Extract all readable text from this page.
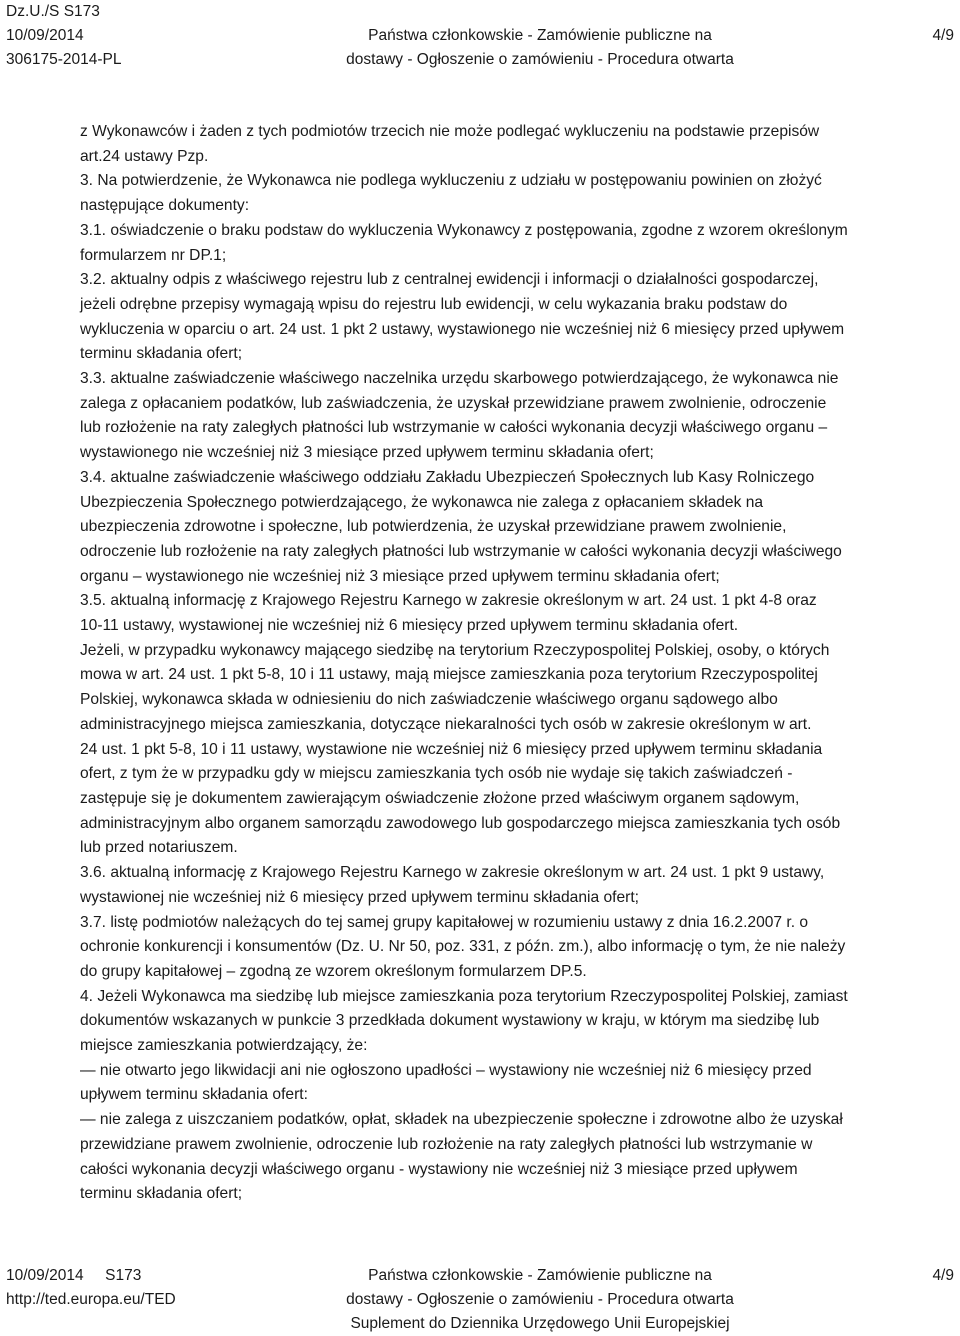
Dz.U./S S173
10/09/2014
306175-2014-PL
Państwa członkowskie - Zamówienie publiczne na
dostawy - Ogłoszenie o zamówieniu - Procedura otwarta
4/9

z Wykonawców i żaden z tych podmiotów trzecich nie może podlegać wykluczeniu na podstawie przepisów

art.24 ustawy Pzp.

3. Na potwierdzenie, że Wykonawca nie podlega wykluczeniu z udziału w postępowaniu powinien on złożyć

następujące dokumenty:

3.1. oświadczenie o braku podstaw do wykluczenia Wykonawcy z postępowania, zgodne z wzorem określonym

formularzem nr DP.1;

3.2. aktualny odpis z właściwego rejestru lub z centralnej ewidencji i informacji o działalności gospodarczej,

jeżeli odrębne przepisy wymagają wpisu do rejestru lub ewidencji, w celu wykazania braku podstaw do

wykluczenia w oparciu o art. 24 ust. 1 pkt 2 ustawy, wystawionego nie wcześniej niż 6 miesięcy przed upływem

terminu składania ofert;

3.3. aktualne zaświadczenie właściwego naczelnika urzędu skarbowego potwierdzającego, że wykonawca nie

zalega z opłacaniem podatków, lub zaświadczenia, że uzyskał przewidziane prawem zwolnienie, odroczenie

lub rozłożenie na raty zaległych płatności lub wstrzymanie w całości wykonania decyzji właściwego organu –

wystawionego nie wcześniej niż 3 miesiące przed upływem terminu składania ofert;

3.4. aktualne zaświadczenie właściwego oddziału Zakładu Ubezpieczeń Społecznych lub Kasy Rolniczego

Ubezpieczenia Społecznego potwierdzającego, że wykonawca nie zalega z opłacaniem składek na

ubezpieczenia zdrowotne i społeczne, lub potwierdzenia, że uzyskał przewidziane prawem zwolnienie,

odroczenie lub rozłożenie na raty zaległych płatności lub wstrzymanie w całości wykonania decyzji właściwego

organu – wystawionego nie wcześniej niż 3 miesiące przed upływem terminu składania ofert;

3.5. aktualną informację z Krajowego Rejestru Karnego w zakresie określonym w art. 24 ust. 1 pkt 4-8 oraz

10-11 ustawy, wystawionej nie wcześniej niż 6 miesięcy przed upływem terminu składania ofert.

Jeżeli, w przypadku wykonawcy mającego siedzibę na terytorium Rzeczypospolitej Polskiej, osoby, o których

mowa w art. 24 ust. 1 pkt 5-8, 10 i 11 ustawy, mają miejsce zamieszkania poza terytorium Rzeczypospolitej

Polskiej, wykonawca składa w odniesieniu do nich zaświadczenie właściwego organu sądowego albo

administracyjnego miejsca zamieszkania, dotyczące niekaralności tych osób w zakresie określonym w art.

24 ust. 1 pkt 5-8, 10 i 11 ustawy, wystawione nie wcześniej niż 6 miesięcy przed upływem terminu składania

ofert, z tym że w przypadku gdy w miejscu zamieszkania tych osób nie wydaje się takich zaświadczeń -

zastępuje się je dokumentem zawierającym oświadczenie złożone przed właściwym organem sądowym,

administracyjnym albo organem samorządu zawodowego lub gospodarczego miejsca zamieszkania tych osób

lub przed notariuszem.

3.6. aktualną informację z Krajowego Rejestru Karnego w zakresie określonym w art. 24 ust. 1 pkt 9 ustawy,

wystawionej nie wcześniej niż 6 miesięcy przed upływem terminu składania ofert;

3.7. listę podmiotów należących do tej samej grupy kapitałowej w rozumieniu ustawy z dnia 16.2.2007 r. o

ochronie konkurencji i konsumentów (Dz. U. Nr 50, poz. 331, z późn. zm.), albo informację o tym, że nie należy

do grupy kapitałowej – zgodną ze wzorem określonym formularzem DP.5.

4. Jeżeli Wykonawca ma siedzibę lub miejsce zamieszkania poza terytorium Rzeczypospolitej Polskiej, zamiast

dokumentów wskazanych w punkcie 3 przedkłada dokument wystawiony w kraju, w którym ma siedzibę lub

miejsce zamieszkania potwierdzający, że:

— nie otwarto jego likwidacji ani nie ogłoszono upadłości – wystawiony nie wcześniej niż 6 miesięcy przed

upływem terminu składania ofert:

— nie zalega z uiszczaniem podatków, opłat, składek na ubezpieczenie społeczne i zdrowotne albo że uzyskał

przewidziane prawem zwolnienie, odroczenie lub rozłożenie na raty zaległych płatności lub wstrzymanie w

całości wykonania decyzji właściwego organu - wystawiony nie wcześniej niż 3 miesiące przed upływem

terminu składania ofert;

10/09/2014 S173
http://ted.europa.eu/TED
Państwa członkowskie - Zamówienie publiczne na
dostawy - Ogłoszenie o zamówieniu - Procedura otwarta
Suplement do Dziennika Urzędowego Unii Europejskiej
4/9
